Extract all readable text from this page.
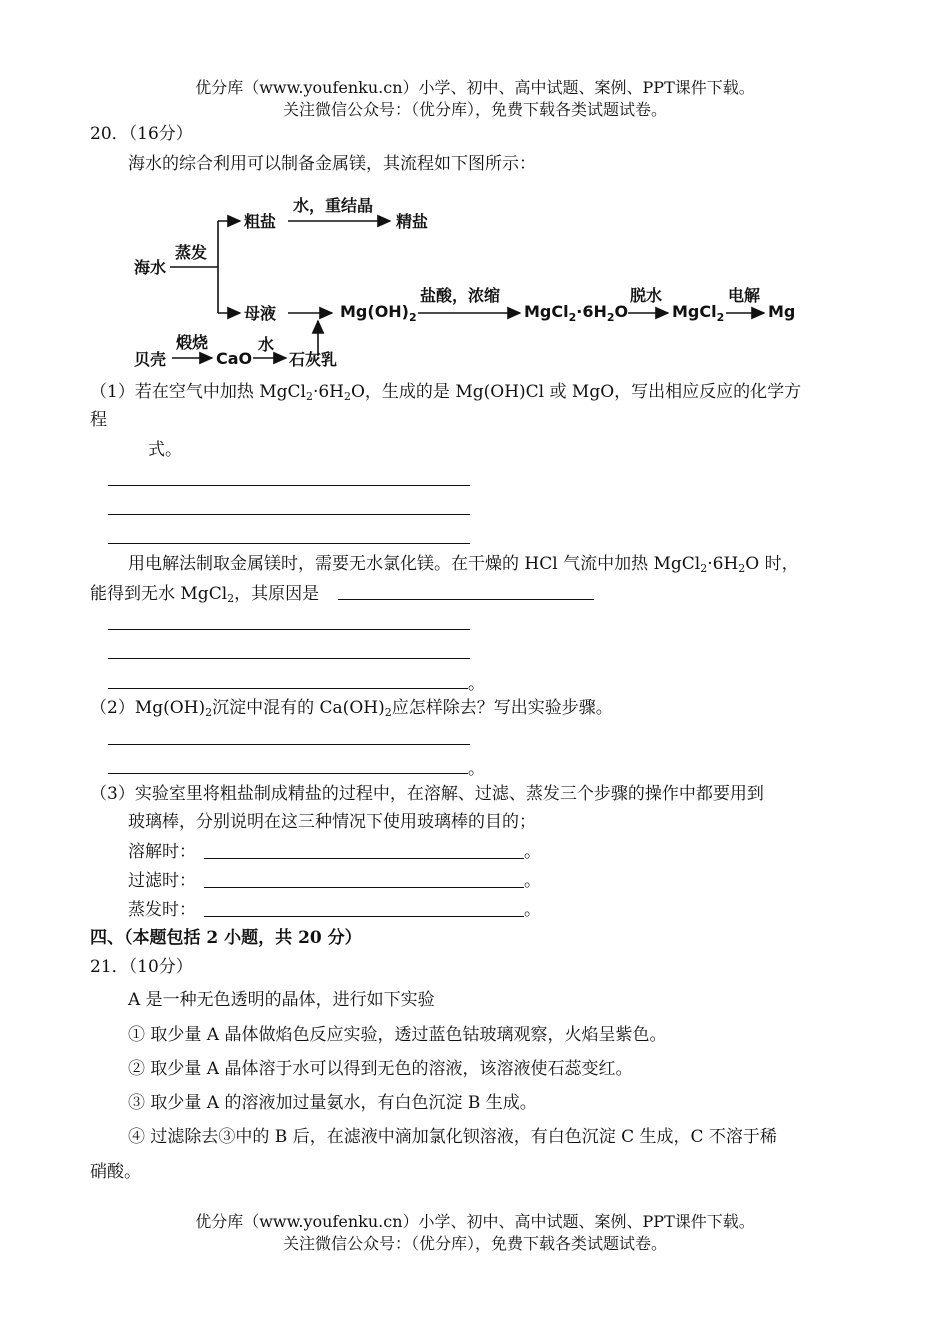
优分库（www.youfenku.cn）小学、初中、高中试题、案例、PPT课件下载。
关注微信公众号：（优分库），免费下载各类试题试卷。
20．（16分）
海水的综合利用可以制备金属镁，其流程如下图所示：
海水
蒸发
粗盐
水，重结晶
精盐
母液	$Mg(OH)_2$
盐酸，浓缩
$MgCl_2\cdot 6H_2O$
脱水
MgCl$_2$
电解
Mg
贝壳
煅烧
CaO
水
石灰乳
（1）若在空气中加热 $MgCl_2\cdot 6H_2O$，生成的是 Mg(OH)Cl 或 MgO，写出相应反应的化学方
程
式。
用电解法制取金属镁时，需要无水氯化镁。在干燥的 HCl 气流中加热 $MgCl_2\cdot 6H_2O$ 时，
能得到无水 MgCl$_2$，其原因是
。
$(2)Mg(OH)_2$沉淀中混有的 $Ca(OH)_2$应怎样除去？写出实验步骤。
。
（3）实验室里将粗盐制成精盐的过程中，在溶解、过滤、蒸发三个步骤的操作中都要用到
玻璃棒，分别说明在这三种情况下使用玻璃棒的目的；
溶解时：	。
过滤时：	。
蒸发时：	。
四、（本题包括 2 小题，共 20 分）
21．（10分）
A 是一种无色透明的晶体，进行如下实验
① 取少量 A 晶体做焰色反应实验，透过蓝色钴玻璃观察，火焰呈紫色。
② 取少量 A 晶体溶于水可以得到无色的溶液，该溶液使石蕊变红。
③ 取少量 A 的溶液加过量氨水，有白色沉淀 B 生成。
④ 过滤除去③中的 B 后，在滤液中滴加氯化钡溶液，有白色沉淀 C 生成，C 不溶于稀
硝酸。
优分库（www.youfenku.cn）小学、初中、高中试题、案例、PPT课件下载。
关注微信公众号：（优分库），免费下载各类试题试卷。
